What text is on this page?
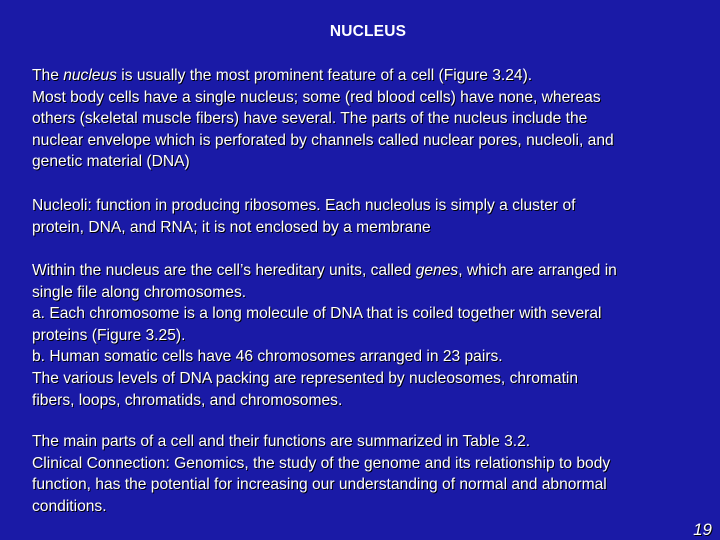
NUCLEUS
The nucleus is usually the most prominent feature of a cell (Figure 3.24).
Most body cells have a single nucleus; some (red blood cells) have none, whereas
others (skeletal muscle fibers) have several. The parts of the nucleus include the
nuclear envelope which is perforated by channels called nuclear pores, nucleoli, and
genetic material (DNA)
Nucleoli: function in producing ribosomes. Each nucleolus is simply a cluster of
protein, DNA, and RNA; it is not enclosed by a membrane
Within the nucleus are the cell’s hereditary units, called genes, which are arranged in
single file along chromosomes.
a. Each chromosome is a long molecule of DNA that is coiled together with several
proteins (Figure 3.25).
b. Human somatic cells have 46 chromosomes arranged in 23 pairs.
The various levels of DNA packing are represented by nucleosomes, chromatin
fibers, loops, chromatids, and chromosomes.
The main parts of a cell and their functions are summarized in Table 3.2.
Clinical Connection: Genomics, the study of the genome and its relationship to body
function, has the potential for increasing our understanding of normal and abnormal
conditions.
19
